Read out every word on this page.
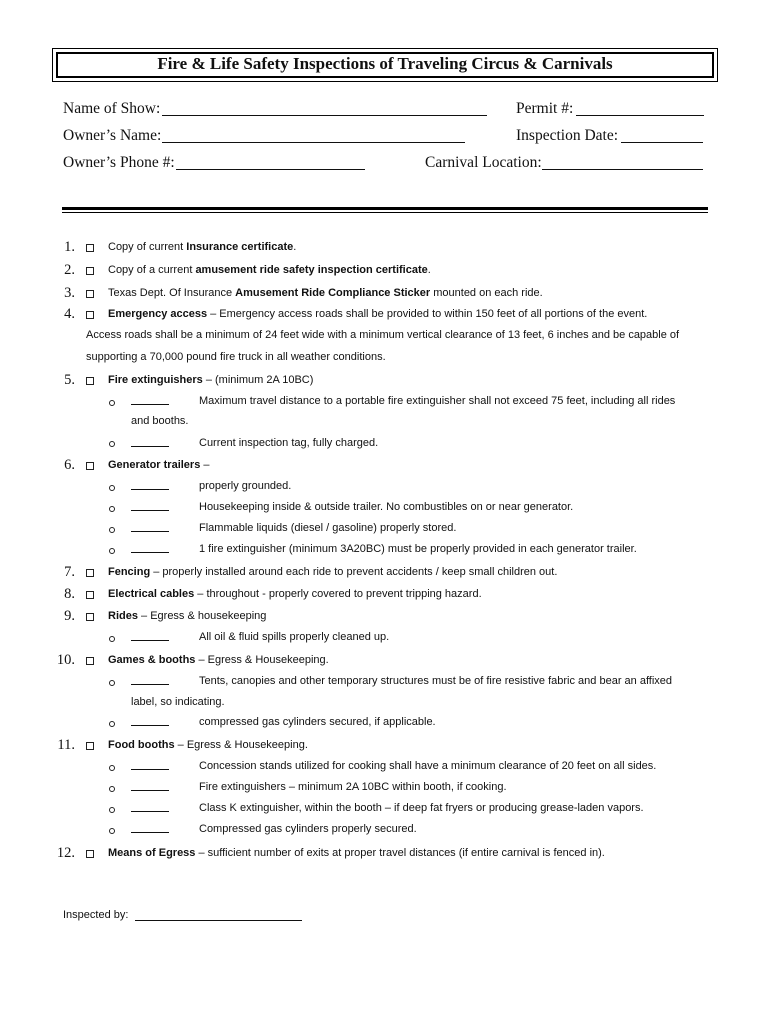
Fire & Life Safety Inspections of Traveling Circus & Carnivals
Name of Show:	Permit #:
Owner’s Name:	Inspection Date:
Owner’s Phone #:	Carnival Location:
1.	Copy of current Insurance certificate.
2.	Copy of a current amusement ride safety inspection certificate.
3.	Texas Dept. Of Insurance Amusement Ride Compliance Sticker mounted on each ride.
4.	Emergency access – Emergency access roads shall be provided to within 150 feet of all portions of the event.
Access roads shall be a minimum of 24 feet wide with a minimum vertical clearance of 13 feet, 6 inches and be capable of
supporting a 70,000 pound fire truck in all weather conditions.
5.	Fire extinguishers – (minimum 2A 10BC)
Maximum travel distance to a portable fire extinguisher shall not exceed 75 feet, including all rides
and booths.
Current inspection tag, fully charged.
6.	Generator trailers –
properly grounded.
Housekeeping inside & outside trailer. No combustibles on or near generator.
Flammable liquids (diesel / gasoline) properly stored.
1 fire extinguisher (minimum 3A20BC) must be properly provided in each generator trailer.
7.	Fencing – properly installed around each ride to prevent accidents / keep small children out.
8.	Electrical cables – throughout - properly covered to prevent tripping hazard.
9.	Rides – Egress & housekeeping
All oil & fluid spills properly cleaned up.
10.	Games & booths – Egress & Housekeeping.
Tents, canopies and other temporary structures must be of fire resistive fabric and bear an affixed
label, so indicating.
compressed gas cylinders secured, if applicable.
11.	Food booths – Egress & Housekeeping.
Concession stands utilized for cooking shall have a minimum clearance of 20 feet on all sides.
Fire extinguishers – minimum 2A 10BC within booth, if cooking.
Class K extinguisher, within the booth – if deep fat fryers or producing grease-laden vapors.
Compressed gas cylinders properly secured.
12.	Means of Egress – sufficient number of exits at proper travel distances (if entire carnival is fenced in).
Inspected by:
